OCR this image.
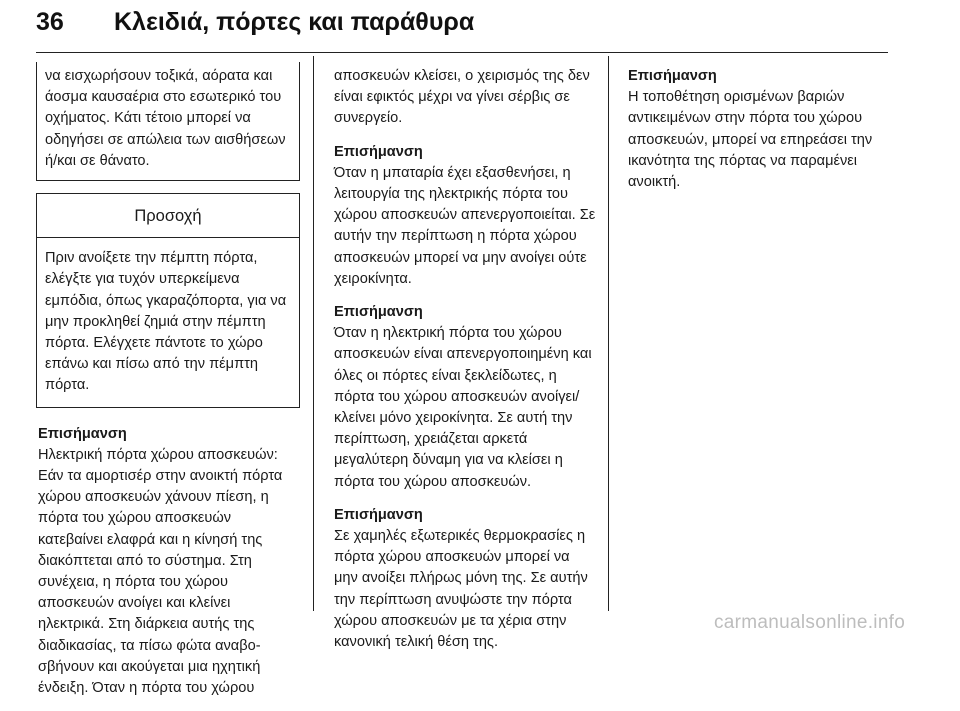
36 Κλειδιά, πόρτες και παράθυρα
να εισχωρήσουν τοξικά, αόρατα και άοσμα καυσαέρια στο εσωτερικό του οχήματος. Κάτι τέτοιο μπορεί να οδηγήσει σε απώλεια των αισθήσεων ή/και σε θάνατο.
Προσοχή
Πριν ανοίξετε την πέμπτη πόρτα, ελέγξτε για τυχόν υπερκείμενα εμπόδια, όπως γκαραζόπορτα, για να μην προκληθεί ζημιά στην πέμπτη πόρτα. Ελέγχετε πάντοτε το χώρο επάνω και πίσω από την πέμπτη πόρτα.
Επισήμανση
Ηλεκτρική πόρτα χώρου αποσκευών: Εάν τα αμορτισέρ στην ανοικτή πόρτα χώρου αποσκευών χάνουν πίεση, η πόρτα του χώρου αποσκευών κατεβαίνει ελαφρά και η κίνησή της διακόπτεται από το σύστημα. Στη συνέχεια, η πόρτα του χώρου αποσκευών ανοίγει και κλείνει ηλεκτρικά. Στη διάρκεια αυτής της διαδικασίας, τα πίσω φώτα αναβοσβήνουν και ακούγεται μια ηχητική ένδειξη. Όταν η πόρτα του χώρου
αποσκευών κλείσει, ο χειρισμός της δεν είναι εφικτός μέχρι να γίνει σέρβις σε συνεργείο.
Επισήμανση
Όταν η μπαταρία έχει εξασθενήσει, η λειτουργία της ηλεκτρικής πόρτα του χώρου αποσκευών απενεργοποιείται. Σε αυτήν την περίπτωση η πόρτα χώρου αποσκευών μπορεί να μην ανοίγει ούτε χειροκίνητα.
Επισήμανση
Όταν η ηλεκτρική πόρτα του χώρου αποσκευών είναι απενεργοποιημένη και όλες οι πόρτες είναι ξεκλείδωτες, η πόρτα του χώρου αποσκευών ανοίγει/κλείνει μόνο χειροκίνητα. Σε αυτή την περίπτωση, χρειάζεται αρκετά μεγαλύτερη δύναμη για να κλείσει η πόρτα του χώρου αποσκευών.
Επισήμανση
Σε χαμηλές εξωτερικές θερμοκρασίες η πόρτα χώρου αποσκευών μπορεί να μην ανοίξει πλήρως μόνη της. Σε αυτήν την περίπτωση ανυψώστε την πόρτα χώρου αποσκευών με τα χέρια στην κανονική τελική θέση της.
Επισήμανση
Η τοποθέτηση ορισμένων βαριών αντικειμένων στην πόρτα του χώρου αποσκευών, μπορεί να επηρεάσει την ικανότητα της πόρτας να παραμένει ανοικτή.
carmanualsonline.info
